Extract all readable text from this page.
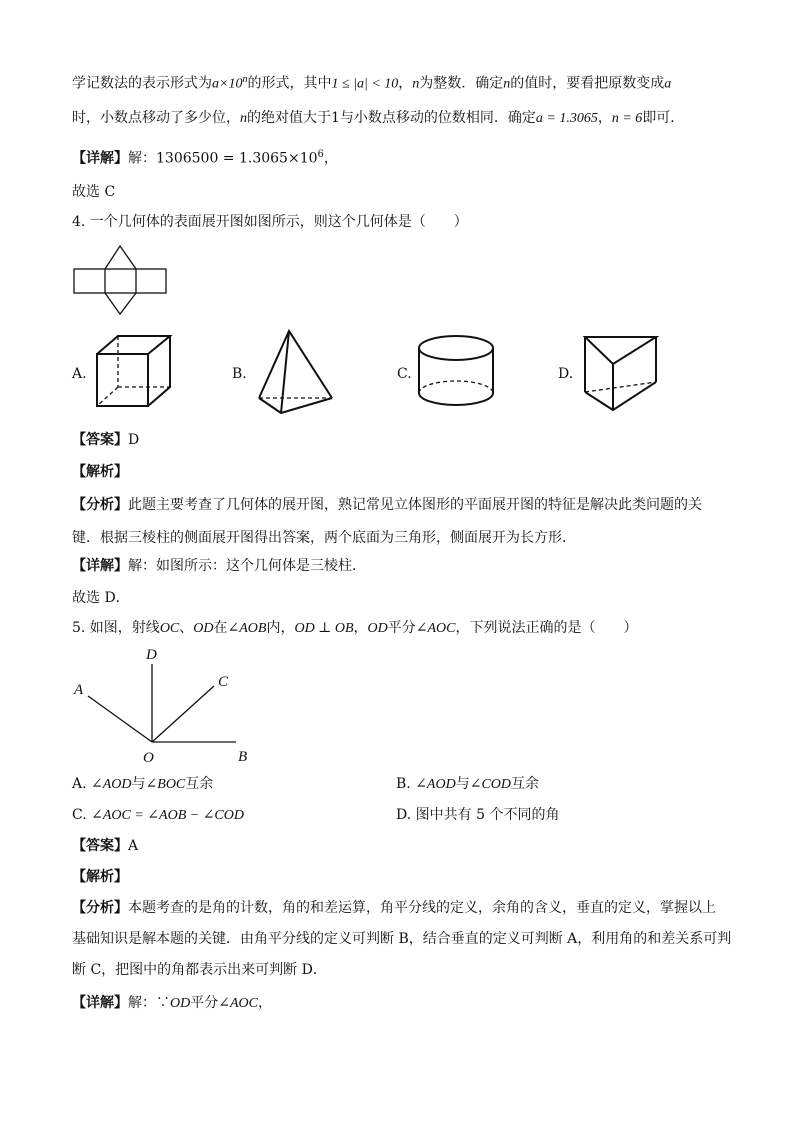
学记数法的表示形式为$a\times 10^n$的形式，其中1 ≤ |a| < 10，n为整数．确定n的值时，要看把原数变成a
时，小数点移动了多少位，n的绝对值大于1与小数点移动的位数相同．确定a = 1.3065，n = 6即可．
【详解】解：$1306500 = 1.3065\times 10^6$，
故选 C
4. 一个几何体的表面展开图如图所示，则这个几何体是（　　）
A.	B.	C.	D.
【答案】D
【解析】
【分析】此题主要考查了几何体的展开图，熟记常见立体图形的平面展开图的特征是解决此类问题的关
键．根据三棱柱的侧面展开图得出答案，两个底面为三角形，侧面展开为长方形．
【详解】解：如图所示：这个几何体是三棱柱．
故选 D．
5. 如图，射线OC、OD在∠AOB内，OD ⊥ OB，OD平分∠AOC，下列说法正确的是（　　）
D
C
A
O	B
A. ∠AOD与∠BOC互余	B. ∠AOD与∠COD互余
C. ∠AOC = ∠AOB − ∠COD	D. 图中共有 5 个不同的角
【答案】A
【解析】
【分析】本题考查的是角的计数，角的和差运算，角平分线的定义，余角的含义，垂直的定义，掌握以上
基础知识是解本题的关键．由角平分线的定义可判断 B，结合垂直的定义可判断 A，利用角的和差关系可判
断 C，把图中的角都表示出来可判断 D．
【详解】解：∵OD平分∠AOC，
